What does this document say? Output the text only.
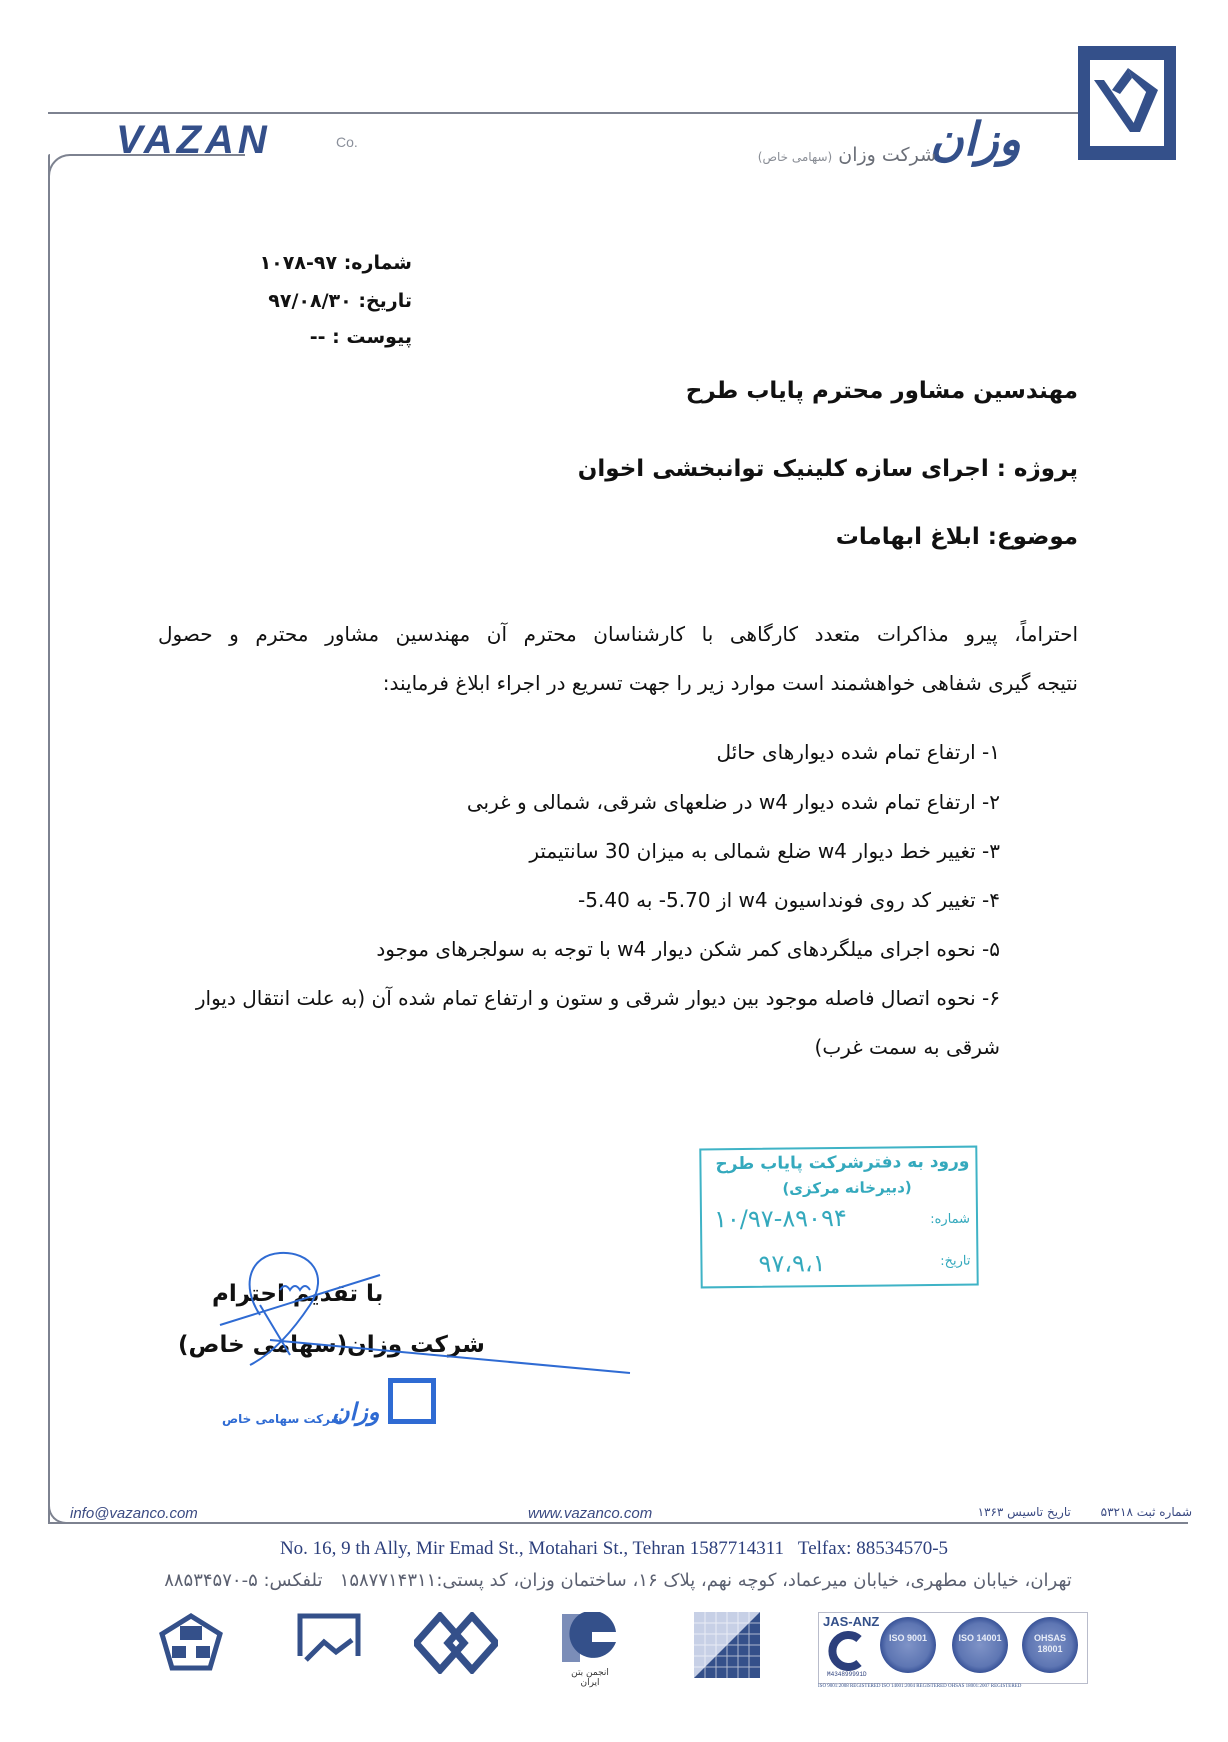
VAZAN	Co.	وزان
شرکت وزان (سهامی خاص)
شماره: ۹۷-۱۰۷۸
تاریخ: ۹۷/۰۸/۳۰
پیوست : --
مهندسین مشاور محترم پایاب طرح
پروژه : اجرای سازه کلینیک توانبخشی اخوان
موضوع: ابلاغ ابهامات
احتراماً، پیرو مذاکرات متعدد کارگاهی با کارشناسان محترم آن مهندسین مشاور محترم و حصول
نتیجه گیری شفاهی خواهشمند است موارد زیر را جهت تسریع در اجراء ابلاغ فرمایند:
۱- ارتفاع تمام شده دیوارهای حائل
۲- ارتفاع تمام شده دیوار w4 در ضلعهای شرقی، شمالی و غربی
۳- تغییر خط دیوار w4 ضلع شمالی به میزان 30 سانتیمتر
۴- تغییر کد روی فونداسیون w4 از 5.70- به 5.40-
۵- نحوه اجرای میلگردهای کمر شکن دیوار w4 با توجه به سولجرهای موجود
۶- نحوه اتصال فاصله موجود بین دیوار شرقی و ستون و ارتفاع تمام شده آن (به علت انتقال دیوار
شرقی به سمت غرب)
ورود به دفترشرکت پایاب طرح
(دبیرخانه مرکزی)
شماره:
۱۰/۹۷-۸۹۰۹۴
تاریخ:
۹۷،۹،۱
با تقدیم احترام
شرکت وزان(سهامی خاص)
وزان
شرکت سهامی خاص
info@vazanco.com	www.vazanco.com	شماره ثبت ۵۳۲۱۸ تاریخ تاسیس ۱۳۶۳
No. 16, 9 th Ally, Mir Emad St., Motahari St., Tehran 1587714311   Telfax: 88534570-5
تهران، خیابان مطهری، خیابان میرعماد، کوچه نهم، پلاک ۱۶، ساختمان وزان، کد پستی:۱۵۸۷۷۱۴۳۱۱   تلفکس: ۵-۸۸۵۳۴۵۷۰
انجمن بتن ایران
JAS-ANZ
M434899991D
ISO 9001	ISO 14001	OHSAS 18001
ISO 9001:2008 REGISTERED ISO 14001:2004 REGISTERED OHSAS 18001:2007 REGISTERED
